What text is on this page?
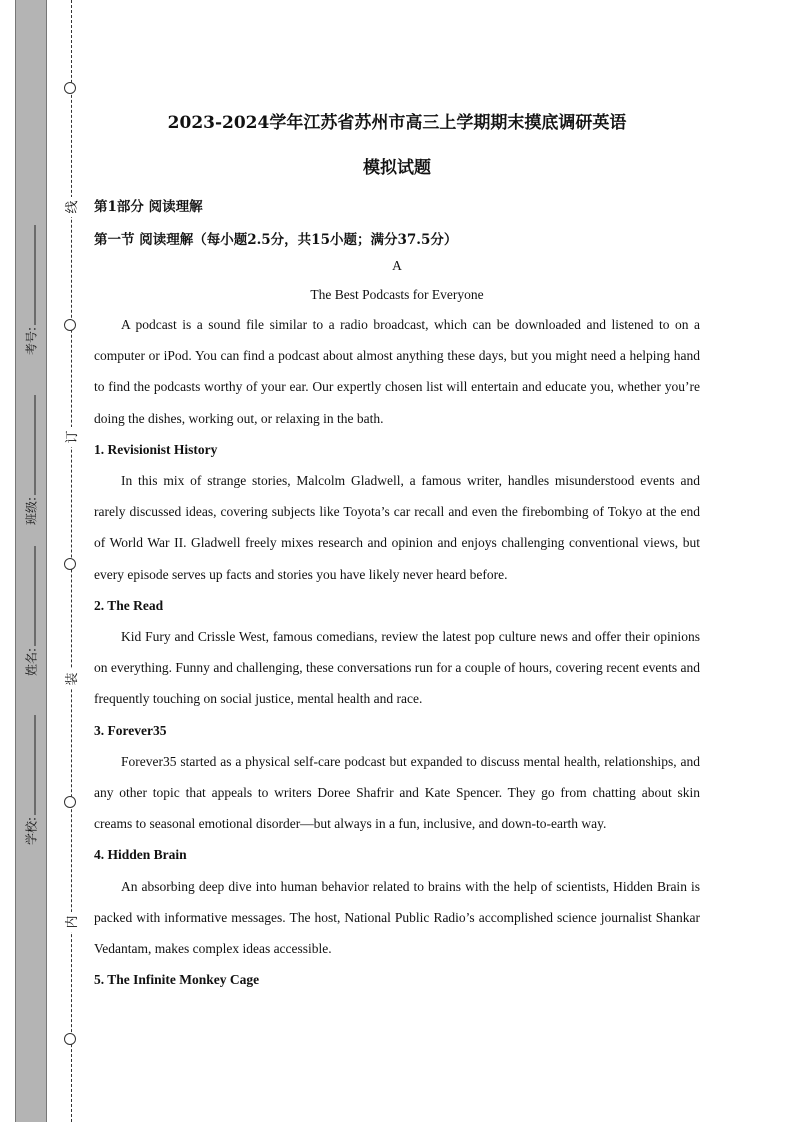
线
订
装
内
考号:
班级:
姓名:
学校:

2023-2024学年江苏省苏州市高三上学期期末摸底调研英语

模拟试题

第1部分 阅读理解

第一节 阅读理解（每小题2.5分，共15小题；满分37.5分）

A

The Best Podcasts for Everyone

A podcast is a sound file similar to a radio broadcast, which can be downloaded and listened to on a computer or iPod. You can find a podcast about almost anything these days, but you might need a helping hand to find the podcasts worthy of your ear. Our expertly chosen list will entertain and educate you, whether you’re doing the dishes, working out, or relaxing in the bath.

1. Revisionist History

In this mix of strange stories, Malcolm Gladwell, a famous writer, handles misunderstood events and rarely discussed ideas, covering subjects like Toyota’s car recall and even the firebombing of Tokyo at the end of World War II. Gladwell freely mixes research and opinion and enjoys challenging conventional views, but every episode serves up facts and stories you have likely never heard before.

2. The Read

Kid Fury and Crissle West, famous comedians, review the latest pop culture news and offer their opinions on everything. Funny and challenging, these conversations run for a couple of hours, covering recent events and frequently touching on social justice, mental health and race.

3. Forever35

Forever35 started as a physical self-care podcast but expanded to discuss mental health, relationships, and any other topic that appeals to writers Doree Shafrir and Kate Spencer. They go from chatting about skin creams to seasonal emotional disorder—but always in a fun, inclusive, and down-to-earth way.

4. Hidden Brain

An absorbing deep dive into human behavior related to brains with the help of scientists, Hidden Brain is packed with informative messages. The host, National Public Radio’s accomplished science journalist Shankar Vedantam, makes complex ideas accessible.

5. The Infinite Monkey Cage
